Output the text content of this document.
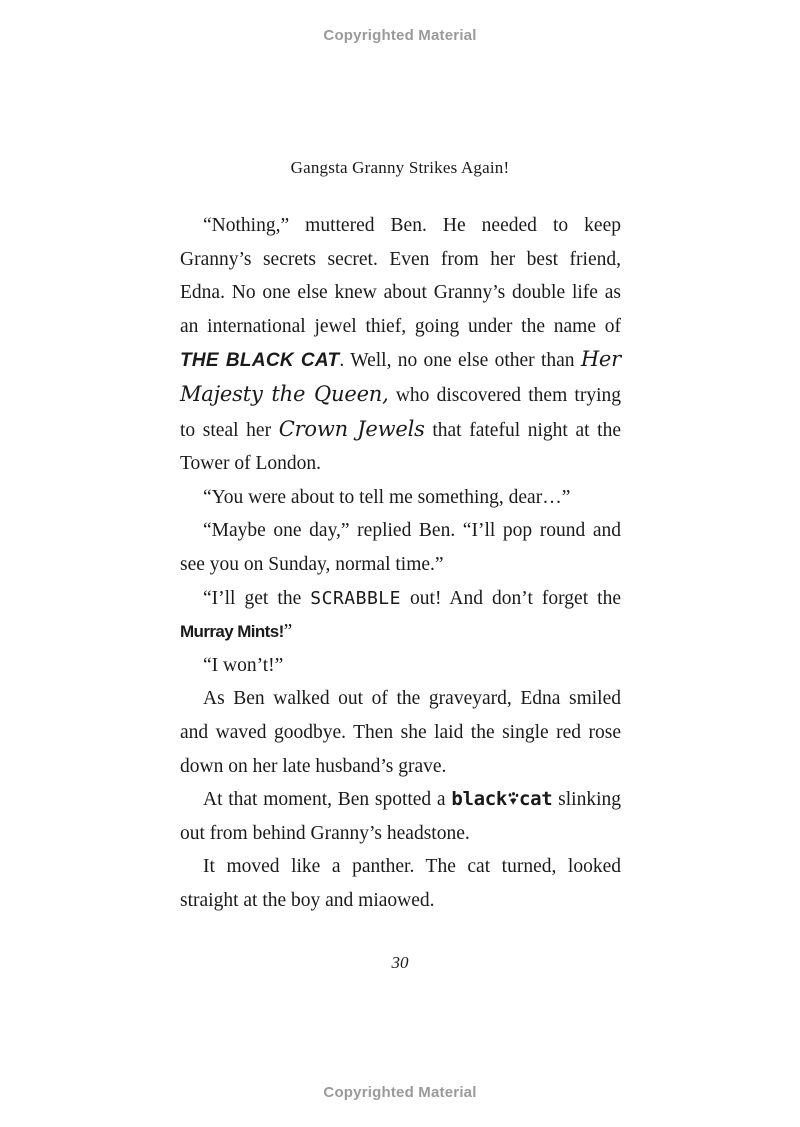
Copyrighted Material
Gangsta Granny Strikes Again!

“Nothing,” muttered Ben. He needed to keep Granny’s secrets secret. Even from her best friend, Edna. No one else knew about Granny’s double life as an international jewel thief, going under the name of THE BLACK CAT. Well, no one else other than Her Majesty the Queen, who discovered them trying to steal her Crown Jewels that fateful night at the Tower of London.

“You were about to tell me something, dear…”

“Maybe one day,” replied Ben. “I’ll pop round and see you on Sunday, normal time.”

“I’ll get the SCRABBLE out! And don’t forget the Murray Mints!”

“I won’t!”

As Ben walked out of the graveyard, Edna smiled and waved goodbye. Then she laid the single red rose down on her late husband’s grave.

At that moment, Ben spotted a black cat slinking out from behind Granny’s headstone.

It moved like a panther. The cat turned, looked straight at the boy and miaowed.

30
Copyrighted Material
